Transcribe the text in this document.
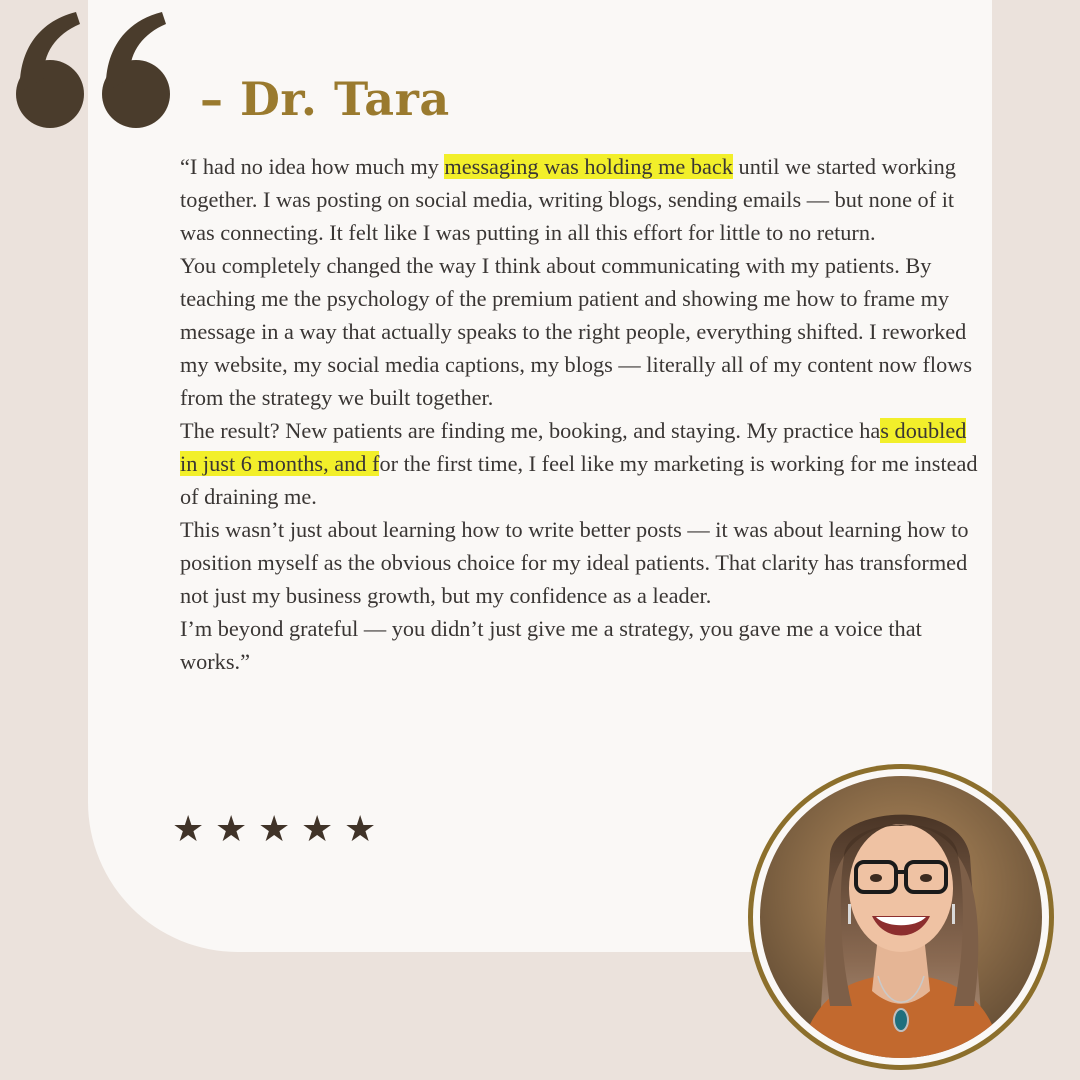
– Dr. Tara

“I had no idea how much my messaging was holding me back until we started working together. I was posting on social media, writing blogs, sending emails — but none of it was connecting. It felt like I was putting in all this effort for little to no return.

You completely changed the way I think about communicating with my patients. By teaching me the psychology of the premium patient and showing me how to frame my message in a way that actually speaks to the right people, everything shifted. I reworked my website, my social media captions, my blogs — literally all of my content now flows from the strategy we built together.

The result? New patients are finding me, booking, and staying. My practice has doubled in just 6 months, and for the first time, I feel like my marketing is working for me instead of draining me.

This wasn’t just about learning how to write better posts — it was about learning how to position myself as the obvious choice for my ideal patients. That clarity has transformed not just my business growth, but my confidence as a leader.

I’m beyond grateful — you didn’t just give me a strategy, you gave me a voice that works.”

★ ★ ★ ★ ★
